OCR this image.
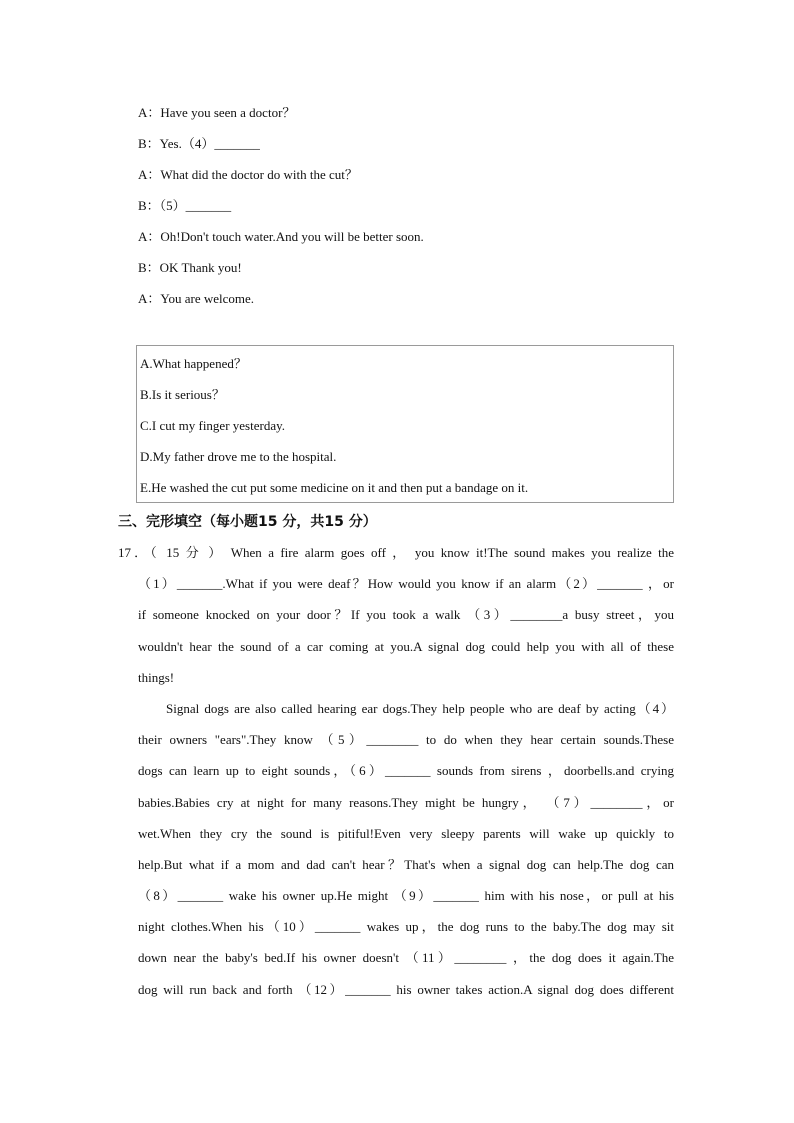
A：Have you seen a doctor？
B：Yes.（4）_______
A：What did the doctor do with the cut？
B：（5）_______
A：Oh!Don't touch water.And you will be better soon.
B：OK Thank you!
A：You are welcome.
A.What happened？
B.Is it serious？
C.I cut my finger yesterday.
D.My father drove me to the hospital.
E.He washed the cut put some medicine on it and then put a bandage on it.
三、完形填空（每小题15 分，共15 分）
17．（ 15 分 ） When a fire alarm goes off ， you know it!The sound makes you realize the
（1）_______.What if you were deaf？How would you know if an alarm（2）_______ ，or
if someone knocked on your door？If you took a walk （3）________a busy street，you
wouldn't hear the sound of a car coming at you.A signal dog could help you with all of these
things!
Signal dogs are also called hearing ear dogs.They help people who are deaf by acting（4）
their owners "ears".They know （5）________ to do when they hear certain sounds.These
dogs can learn up to eight sounds，（6）_______ sounds from sirens ，doorbells.and crying
babies.Babies cry at night for many reasons.They might be hungry， （7）________，or
wet.When they cry the sound is pitiful!Even very sleepy parents will wake up quickly to
help.But what if a mom and dad can't hear？That's when a signal dog can help.The dog can
（8）_______ wake his owner up.He might （9）_______ him with his nose，or pull at his
night clothes.When his（10）_______ wakes up，the dog runs to the baby.The dog may sit
down near the baby's bed.If his owner doesn't （11）________ ，the dog does it again.The
dog will run back and forth （12）_______ his owner takes action.A signal dog does different
